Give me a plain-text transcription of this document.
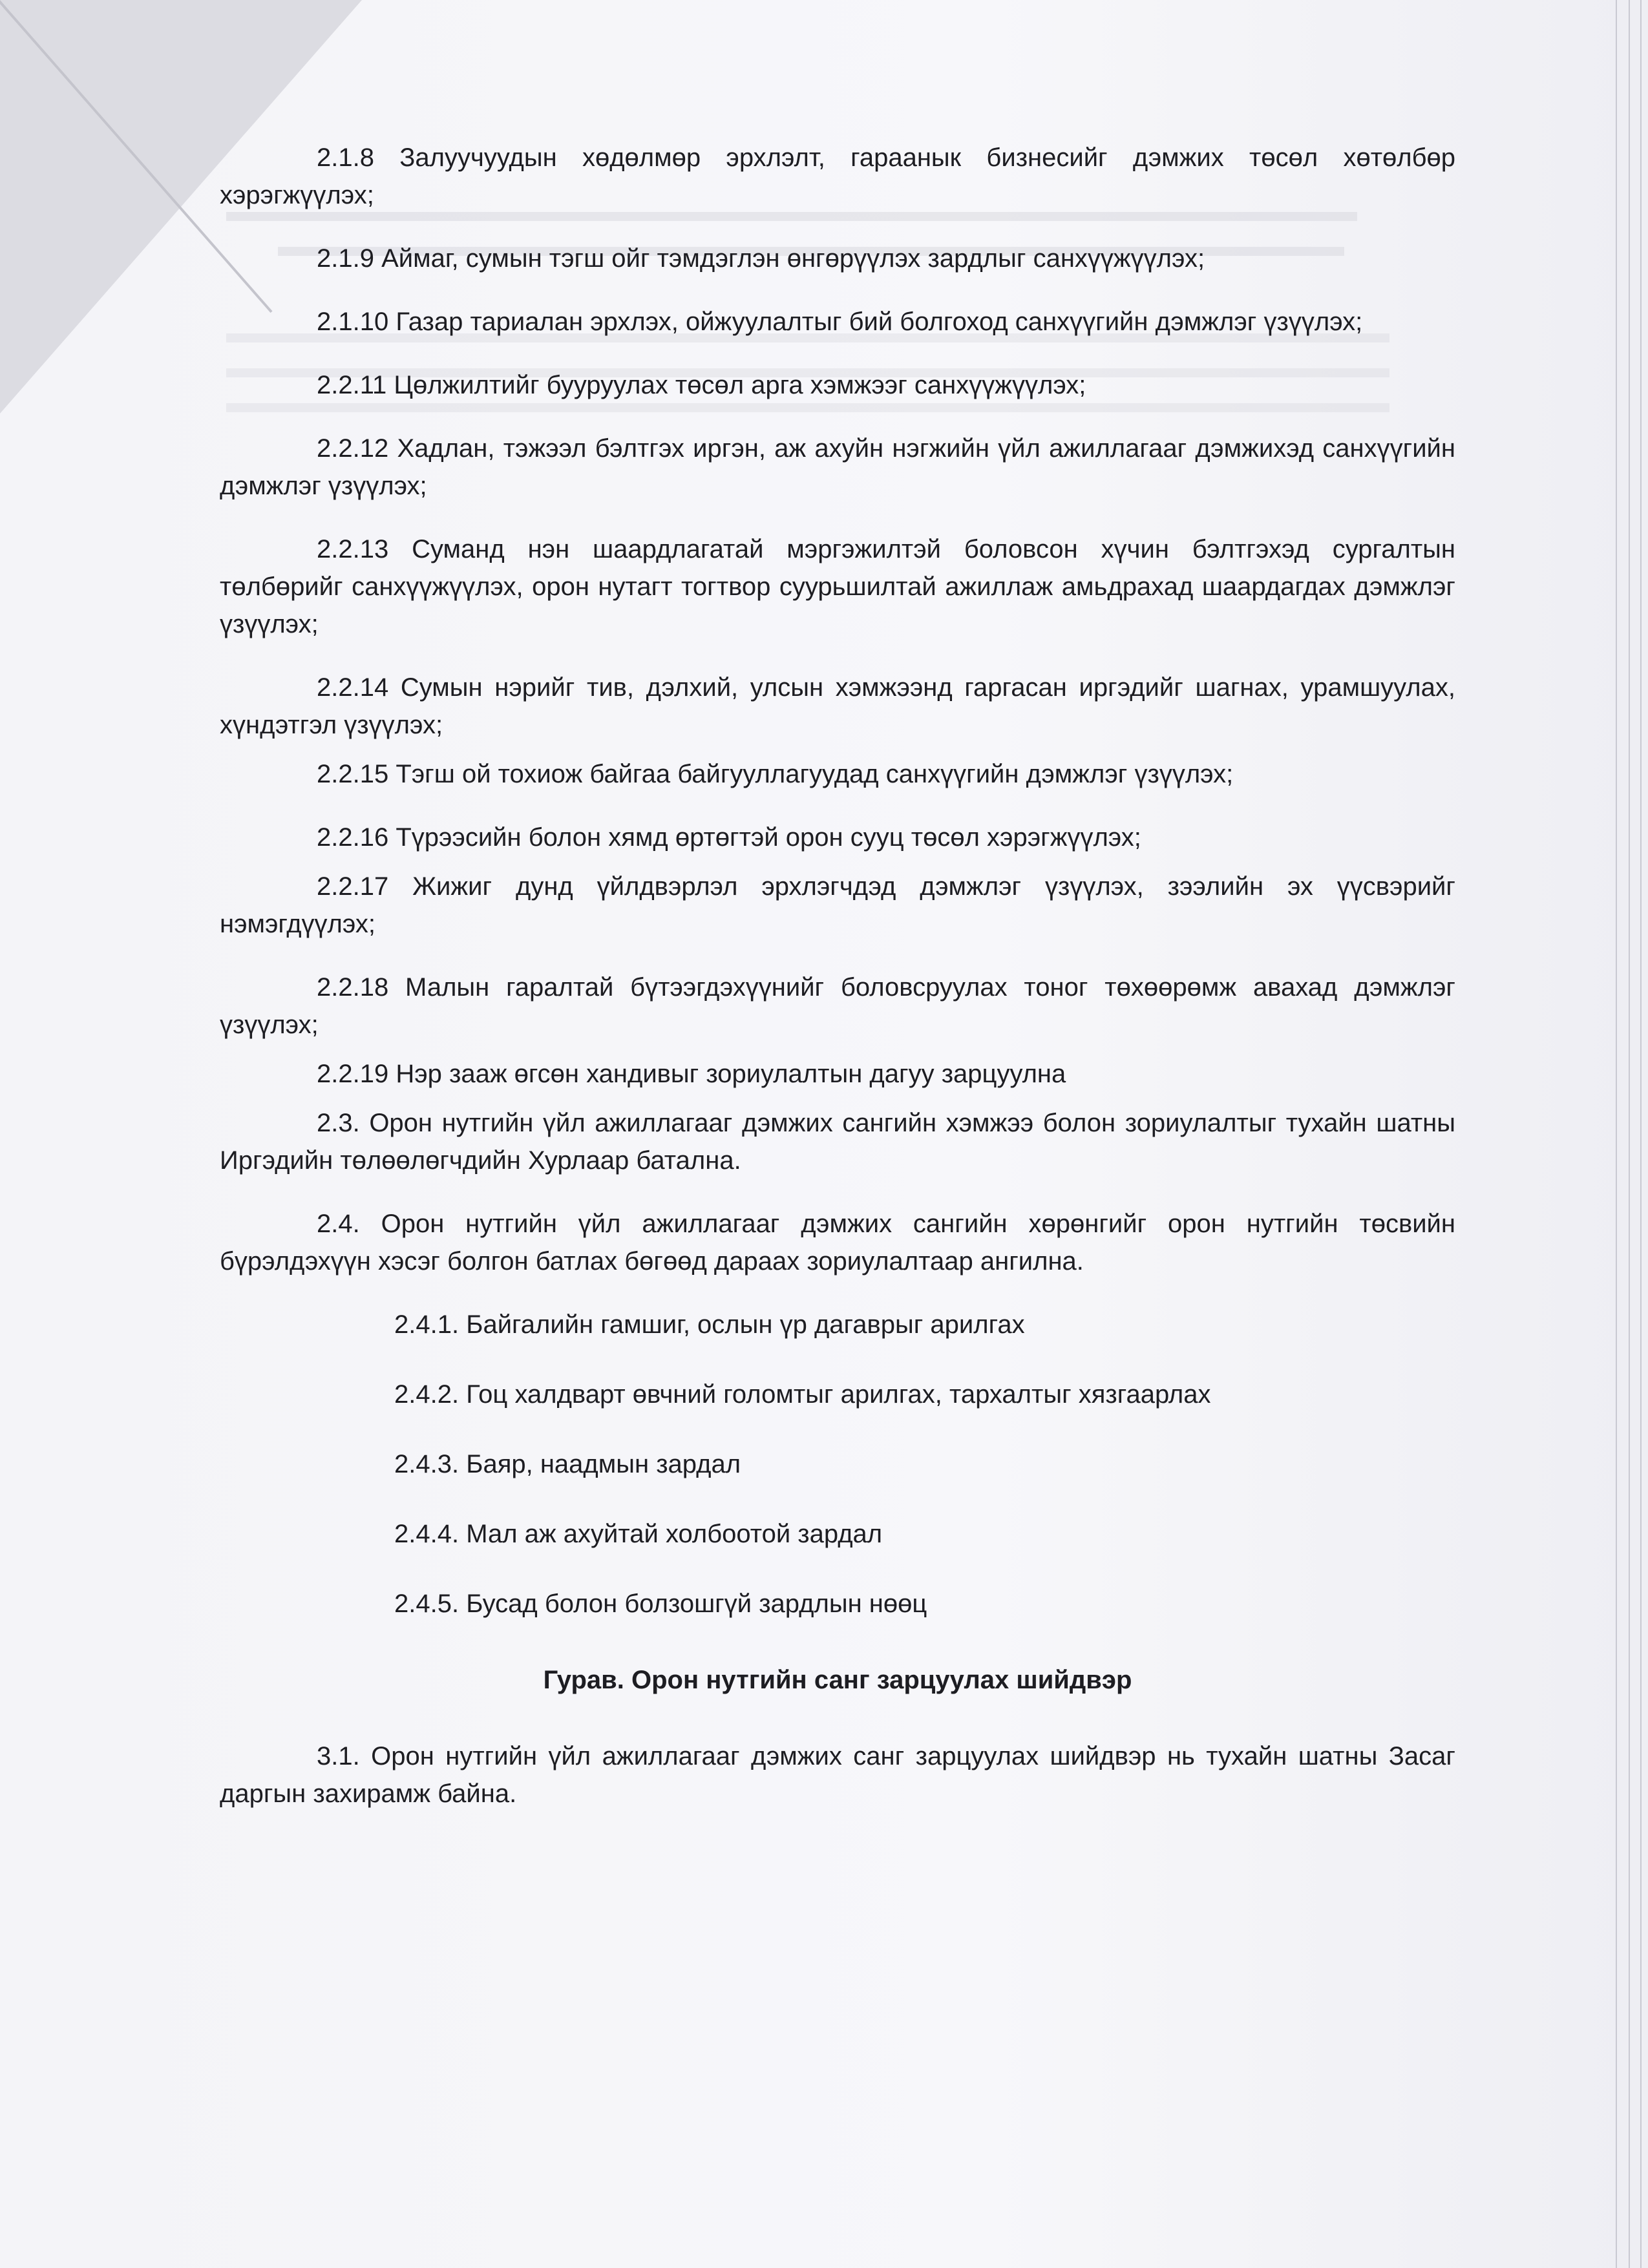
2.1.8 Залуучуудын хөдөлмөр эрхлэлт, гараанык бизнесийг дэмжих төсөл хөтөлбөр хэрэгжүүлэх;

2.1.9 Аймаг, сумын тэгш ойг тэмдэглэн өнгөрүүлэх зардлыг санхүүжүүлэх;

2.1.10 Газар тариалан эрхлэх, ойжуулалтыг бий болгоход санхүүгийн дэмжлэг үзүүлэх;

2.2.11 Цөлжилтийг бууруулах төсөл арга хэмжээг санхүүжүүлэх;

2.2.12 Хадлан, тэжээл бэлтгэх иргэн, аж ахуйн нэгжийн үйл ажиллагааг дэмжихэд санхүүгийн дэмжлэг үзүүлэх;

2.2.13 Суманд нэн шаардлагатай мэргэжилтэй боловсон хүчин бэлтгэхэд сургалтын төлбөрийг санхүүжүүлэх, орон нутагт тогтвор суурьшилтай ажиллаж амьдрахад шаардагдах дэмжлэг үзүүлэх;

2.2.14 Сумын нэрийг тив, дэлхий, улсын хэмжээнд гаргасан иргэдийг шагнах, урамшуулах, хүндэтгэл үзүүлэх;

2.2.15 Тэгш ой тохиож байгаа байгууллагуудад санхүүгийн дэмжлэг үзүүлэх;

2.2.16 Түрээсийн болон хямд өртөгтэй орон сууц төсөл хэрэгжүүлэх;

2.2.17 Жижиг дунд үйлдвэрлэл эрхлэгчдэд дэмжлэг үзүүлэх, зээлийн эх үүсвэрийг нэмэгдүүлэх;

2.2.18 Малын гаралтай бүтээгдэхүүнийг боловсруулах тоног төхөөрөмж авахад дэмжлэг үзүүлэх;

2.2.19 Нэр зааж өгсөн хандивыг зориулалтын дагуу зарцуулна

2.3. Орон нутгийн үйл ажиллагааг дэмжих сангийн хэмжээ болон зориулалтыг тухайн шатны Иргэдийн төлөөлөгчдийн Хурлаар батална.

2.4. Орон нутгийн үйл ажиллагааг дэмжих сангийн хөрөнгийг орон нутгийн төсвийн бүрэлдэхүүн хэсэг болгон батлах бөгөөд дараах зориулалтаар ангилна.

2.4.1. Байгалийн гамшиг, ослын үр дагаврыг арилгах

2.4.2. Гоц халдварт өвчний голомтыг арилгах, тархалтыг хязгаарлах

2.4.3. Баяр, наадмын зардал

2.4.4. Мал аж ахуйтай холбоотой зардал

2.4.5. Бусад болон болзошгүй зардлын нөөц

Гурав. Орон нутгийн санг зарцуулах шийдвэр

3.1. Орон нутгийн үйл ажиллагааг дэмжих санг зарцуулах шийдвэр нь тухайн шатны Засаг даргын захирамж байна.
